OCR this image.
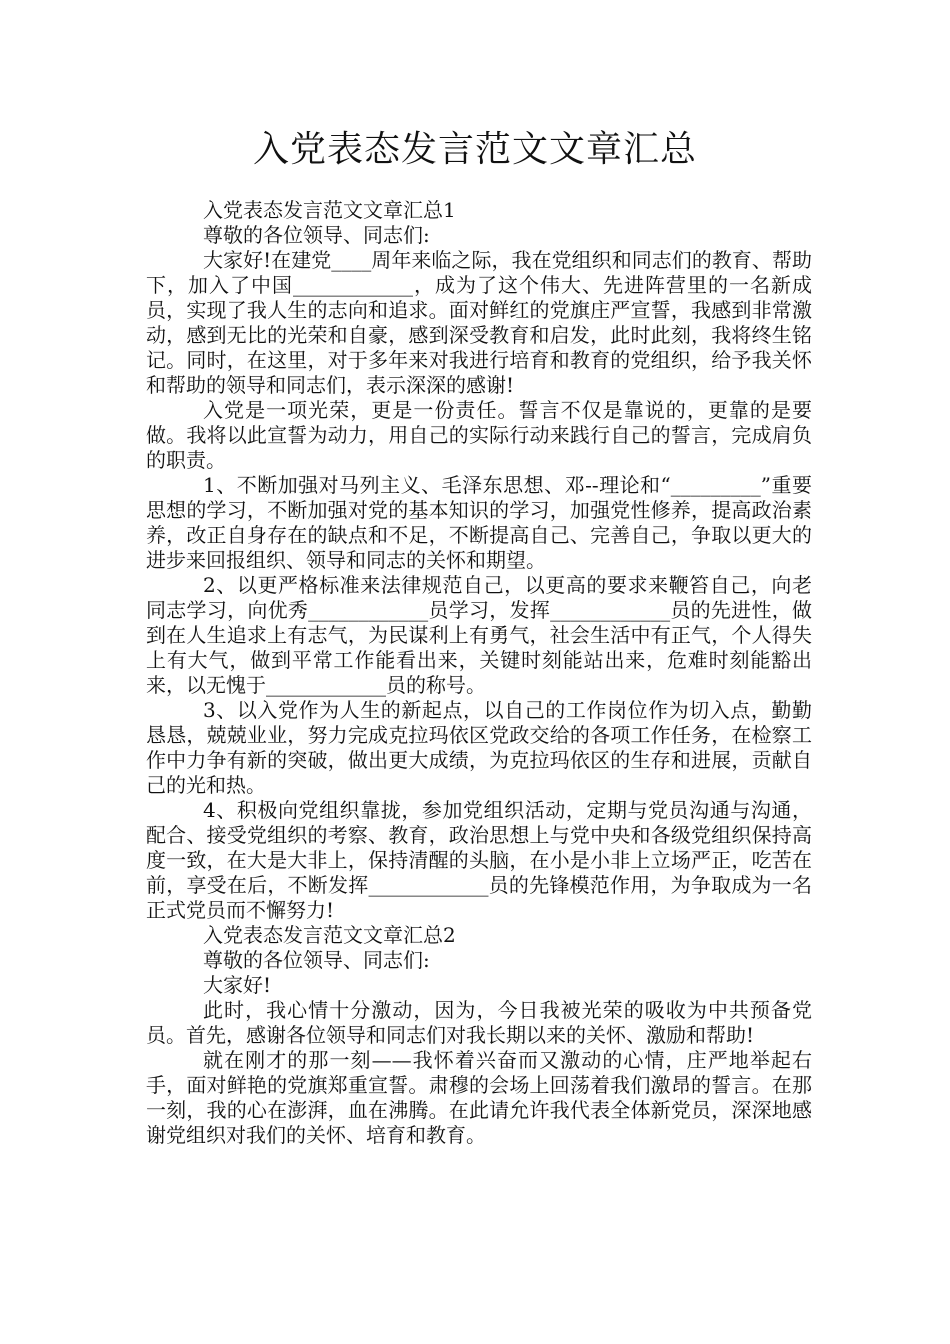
入党表态发言范文文章汇总

入党表态发言范文文章汇总1

尊敬的各位领导、同志们:

大家好!在建党____周年来临之际，我在党组织和同志们的教育、帮助下，加入了中国____________，成为了这个伟大、先进阵营里的一名新成员，实现了我人生的志向和追求。面对鲜红的党旗庄严宣誓，我感到非常激动，感到无比的光荣和自豪，感到深受教育和启发，此时此刻，我将终生铭记。同时，在这里，对于多年来对我进行培育和教育的党组织，给予我关怀和帮助的领导和同志们，表示深深的感谢!

入党是一项光荣，更是一份责任。誓言不仅是靠说的，更靠的是要做。我将以此宣誓为动力，用自己的实际行动来践行自己的誓言，完成肩负的职责。

1、不断加强对马列主义、毛泽东思想、邓--理论和“_________”重要思想的学习，不断加强对党的基本知识的学习，加强党性修养，提高政治素养，改正自身存在的缺点和不足，不断提高自己、完善自己，争取以更大的进步来回报组织、领导和同志的关怀和期望。

2、以更严格标准来法律规范自己，以更高的要求来鞭笞自己，向老同志学习，向优秀____________员学习，发挥____________员的先进性，做到在人生追求上有志气，为民谋利上有勇气，社会生活中有正气，个人得失上有大气，做到平常工作能看出来，关键时刻能站出来，危难时刻能豁出来，以无愧于____________员的称号。

3、以入党作为人生的新起点，以自己的工作岗位作为切入点，勤勤恳恳，兢兢业业，努力完成克拉玛依区党政交给的各项工作任务，在检察工作中力争有新的突破，做出更大成绩，为克拉玛依区的生存和进展，贡献自己的光和热。

4、积极向党组织靠拢，参加党组织活动，定期与党员沟通与沟通，配合、接受党组织的考察、教育，政治思想上与党中央和各级党组织保持高度一致，在大是大非上，保持清醒的头脑，在小是小非上立场严正，吃苦在前，享受在后，不断发挥____________员的先锋模范作用，为争取成为一名正式党员而不懈努力!

入党表态发言范文文章汇总2

尊敬的各位领导、同志们:

大家好!

此时，我心情十分激动，因为，今日我被光荣的吸收为中共预备党员。首先，感谢各位领导和同志们对我长期以来的关怀、激励和帮助!

就在刚才的那一刻——我怀着兴奋而又激动的心情，庄严地举起右手，面对鲜艳的党旗郑重宣誓。肃穆的会场上回荡着我们激昂的誓言。在那一刻，我的心在澎湃，血在沸腾。在此请允许我代表全体新党员，深深地感谢党组织对我们的关怀、培育和教育。
